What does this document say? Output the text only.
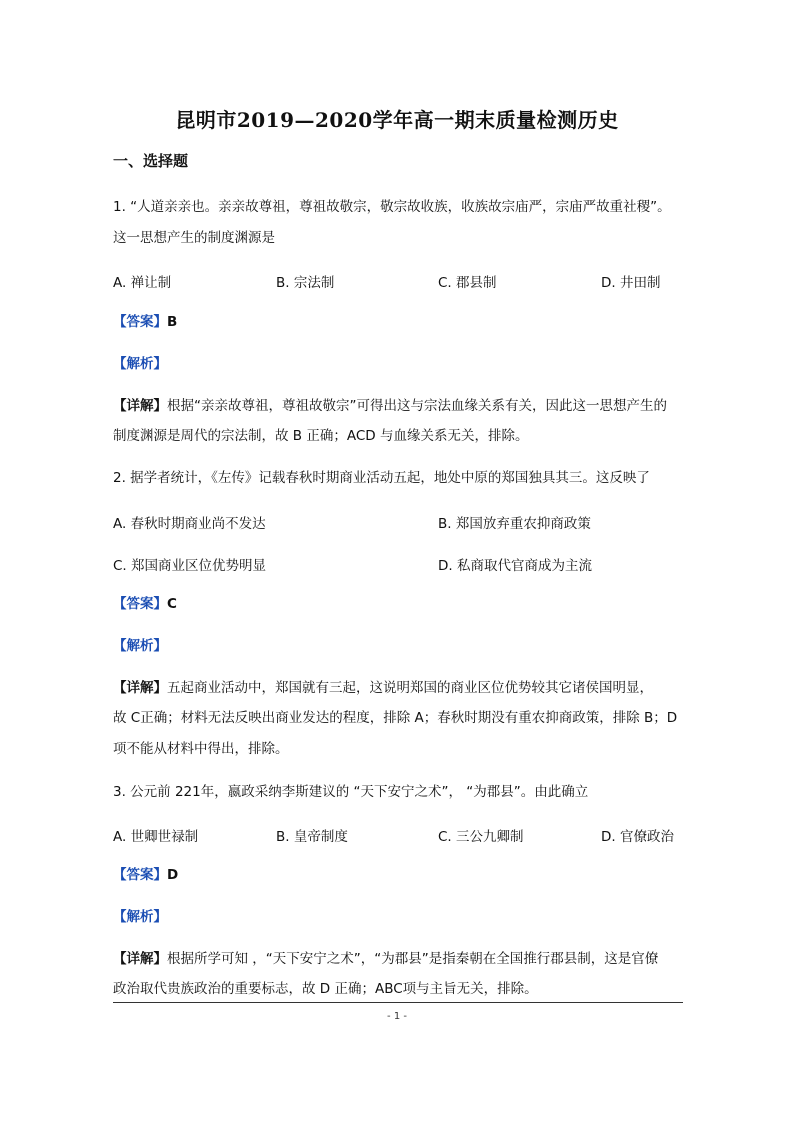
昆明市2019—2020学年高一期末质量检测历史
一、选择题
1. “人道亲亲也。亲亲故尊祖，尊祖故敬宗，敬宗故收族，收族故宗庙严，宗庙严故重社稷”。
这一思想产生的制度渊源是
A. 禅让制	B. 宗法制	C. 郡县制	D. 井田制
【答案】B
【解析】
【详解】根据“亲亲故尊祖，尊祖故敬宗”可得出这与宗法血缘关系有关，因此这一思想产生的
制度渊源是周代的宗法制，故 B 正确；ACD 与血缘关系无关，排除。
2. 据学者统计，《左传》记载春秋时期商业活动五起，地处中原的郑国独具其三。这反映了
A. 春秋时期商业尚不发达	B. 郑国放弃重农抑商政策
C. 郑国商业区位优势明显	D. 私商取代官商成为主流
【答案】C
【解析】
【详解】五起商业活动中，郑国就有三起，这说明郑国的商业区位优势较其它诸侯国明显，
故 C正确；材料无法反映出商业发达的程度，排除 A；春秋时期没有重农抑商政策，排除 B；D
项不能从材料中得出，排除。
3. 公元前 221年，嬴政采纳李斯建议的 “天下安宁之术”， “为郡县”。由此确立
A. 世卿世禄制	B. 皇帝制度	C. 三公九卿制	D. 官僚政治
【答案】D
【解析】
【详解】根据所学可知 ，“天下安宁之术”，“为郡县”是指秦朝在全国推行郡县制，这是官僚
政治取代贵族政治的重要标志，故 D 正确；ABC项与主旨无关，排除。
- 1 -
